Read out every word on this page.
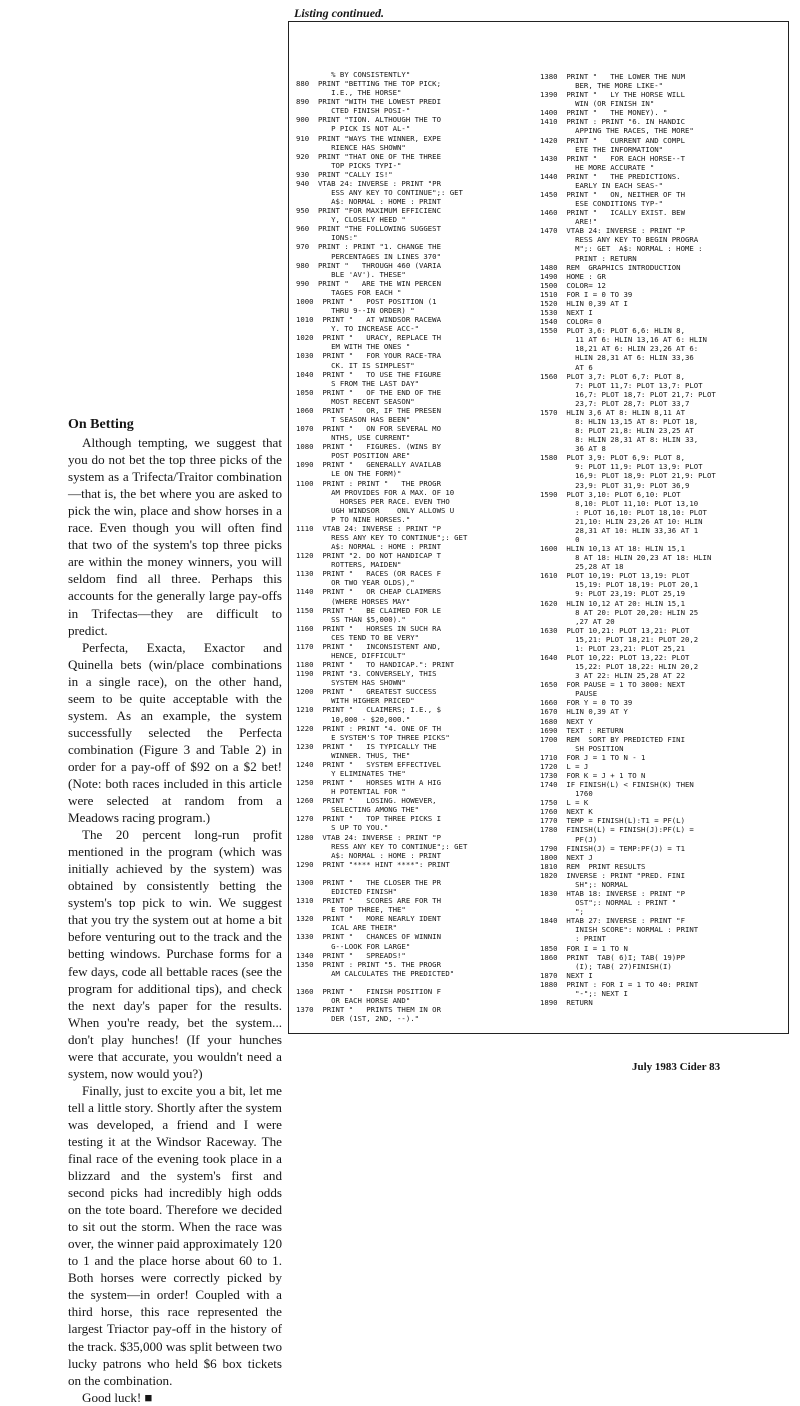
On Betting

Although tempting, we suggest that you do not bet the top three picks of the system as a Trifecta/Traitor combination—that is, the bet where you are asked to pick the win, place and show horses in a race. Even though you will often find that two of the system's top three picks are within the money winners, you will seldom find all three. Perhaps this accounts for the generally large pay-offs in Trifectas—they are difficult to predict.

Perfecta, Exacta, Exactor and Quinella bets (win/place combinations in a single race), on the other hand, seem to be quite acceptable with the system. As an example, the system successfully selected the Perfecta combination (Figure 3 and Table 2) in order for a pay-off of $92 on a $2 bet! (Note: both races included in this article were selected at random from a Meadows racing program.)

The 20 percent long-run profit mentioned in the program (which was initially achieved by the system) was obtained by consistently betting the system's top pick to win. We suggest that you try the system out at home a bit before venturing out to the track and the betting windows. Purchase forms for a few days, code all bettable races (see the program for additional tips), and check the next day's paper for the results. When you're ready, bet the system... don't play hunches! (If your hunches were that accurate, you wouldn't need a system, now would you?)

Finally, just to excite you a bit, let me tell a little story. Shortly after the system was developed, a friend and I were testing it at the Windsor Raceway. The final race of the evening took place in a blizzard and the system's first and second picks had incredibly high odds on the tote board. Therefore we decided to sit out the storm. When the race was over, the winner paid approximately 120 to 1 and the place horse about 60 to 1. Both horses were correctly picked by the system—in order! Coupled with a third horse, this race represented the largest Triactor pay-off in the history of the track. $35,000 was split between two lucky patrons who held $6 box tickets on the combination.

Good luck! ■

Listing continued.
% BY CONSISTENTLY"
880  PRINT "BETTING THE TOP PICK;
I.E., THE HORSE"
890  PRINT "WITH THE LOWEST PREDI
CTED FINISH POSI-"
900  PRINT "TION. ALTHOUGH THE TO
P PICK IS NOT AL-"
910  PRINT "WAYS THE WINNER, EXPE
RIENCE HAS SHOWN"
920  PRINT "THAT ONE OF THE THREE
TOP PICKS TYPI-"
930  PRINT "CALLY IS!"
940  VTAB 24: INVERSE : PRINT "PR
ESS ANY KEY TO CONTINUE";: GET
A$: NORMAL : HOME : PRINT
950  PRINT "FOR MAXIMUM EFFICIENC
Y, CLOSELY HEED "
960  PRINT "THE FOLLOWING SUGGEST
IONS:"
970  PRINT : PRINT "1. CHANGE THE
PERCENTAGES IN LINES 370"
980  PRINT "   THROUGH 460 (VARIA
BLE 'AV'). THESE"
990  PRINT "   ARE THE WIN PERCEN
TAGES FOR EACH "
1000  PRINT "   POST POSITION (1
THRU 9--IN ORDER) "
1010  PRINT "   AT WINDSOR RACEWA
Y. TO INCREASE ACC-"
1020  PRINT "   URACY, REPLACE TH
EM WITH THE ONES "
1030  PRINT "   FOR YOUR RACE-TRA
CK. IT IS SIMPLEST"
1040  PRINT "   TO USE THE FIGURE
S FROM THE LAST DAY"
1050  PRINT "   OF THE END OF THE
MOST RECENT SEASON"
1060  PRINT "   OR, IF THE PRESEN
T SEASON HAS BEEN"
1070  PRINT "   ON FOR SEVERAL MO
NTHS, USE CURRENT"
1080  PRINT "   FIGURES. (WINS BY
POST POSITION ARE"
1090  PRINT "   GENERALLY AVAILAB
LE ON THE FORM)"
1100  PRINT : PRINT "   THE PROGR
AM PROVIDES FOR A MAX. OF 10
HORSES PER RACE. EVEN THO
UGH WINDSOR    ONLY ALLOWS U
P TO NINE HORSES."
1110  VTAB 24: INVERSE : PRINT "P
RESS ANY KEY TO CONTINUE";: GET
A$: NORMAL : HOME : PRINT
1120  PRINT "2. DO NOT HANDICAP T
ROTTERS, MAIDEN"
1130  PRINT "   RACES (OR RACES F
OR TWO YEAR OLDS),"
1140  PRINT "   OR CHEAP CLAIMERS
(WHERE HORSES MAY"
1150  PRINT "   BE CLAIMED FOR LE
SS THAN $5,000)."
1160  PRINT "   HORSES IN SUCH RA
CES TEND TO BE VERY"
1170  PRINT "   INCONSISTENT AND,
HENCE, DIFFICULT"
1180  PRINT "   TO HANDICAP.": PRINT
1190  PRINT "3. CONVERSELY, THIS
SYSTEM HAS SHOWN"
1200  PRINT "   GREATEST SUCCESS
WITH HIGHER PRICED"
1210  PRINT "   CLAIMERS; I.E., $
10,000 - $20,000."
1220  PRINT : PRINT "4. ONE OF TH
E SYSTEM'S TOP THREE PICKS"
1230  PRINT "   IS TYPICALLY THE
WINNER. THUS, THE"
1240  PRINT "   SYSTEM EFFECTIVEL
Y ELIMINATES THE"
1250  PRINT "   HORSES WITH A HIG
H POTENTIAL FOR "
1260  PRINT "   LOSING. HOWEVER,
SELECTING AMONG THE"
1270  PRINT "   TOP THREE PICKS I
S UP TO YOU."
1280  VTAB 24: INVERSE : PRINT "P
RESS ANY KEY TO CONTINUE";: GET
A$: NORMAL : HOME : PRINT
1290  PRINT "**** HINT ****": PRINT

1300  PRINT "   THE CLOSER THE PR
EDICTED FINISH"
1310  PRINT "   SCORES ARE FOR TH
E TOP THREE, THE"
1320  PRINT "   MORE NEARLY IDENT
ICAL ARE THEIR"
1330  PRINT "   CHANCES OF WINNIN
G--LOOK FOR LARGE"
1340  PRINT "   SPREADS!"
1350  PRINT : PRINT "5. THE PROGR
AM CALCULATES THE PREDICTED"

1360  PRINT "   FINISH POSITION F
OR EACH HORSE AND"
1370  PRINT "   PRINTS THEM IN OR
DER (1ST, 2ND, --)."
1380  PRINT "   THE LOWER THE NUM
BER, THE MORE LIKE-"
1390  PRINT "   LY THE HORSE WILL
WIN (OR FINISH IN"
1400  PRINT "   THE MONEY). "
1410  PRINT : PRINT "6. IN HANDIC
APPING THE RACES, THE MORE"
1420  PRINT "   CURRENT AND COMPL
ETE THE INFORMATION"
1430  PRINT "   FOR EACH HORSE--T
HE MORE ACCURATE "
1440  PRINT "   THE PREDICTIONS.
EARLY IN EACH SEAS-"
1450  PRINT "   ON, NEITHER OF TH
ESE CONDITIONS TYP-"
1460  PRINT "   ICALLY EXIST. BEW
ARE!"
1470  VTAB 24: INVERSE : PRINT "P
RESS ANY KEY TO BEGIN PROGRA
M";: GET  A$: NORMAL : HOME :
PRINT : RETURN
1480  REM  GRAPHICS INTRODUCTION
1490  HOME : GR
1500  COLOR= 12
1510  FOR I = 0 TO 39
1520  HLIN 0,39 AT I
1530  NEXT I
1540  COLOR= 0
1550  PLOT 3,6: PLOT 6,6: HLIN 8,
11 AT 6: HLIN 13,16 AT 6: HLIN
18,21 AT 6: HLIN 23,26 AT 6:
HLIN 28,31 AT 6: HLIN 33,36
AT 6
1560  PLOT 3,7: PLOT 6,7: PLOT 8,
7: PLOT 11,7: PLOT 13,7: PLOT
16,7: PLOT 18,7: PLOT 21,7: PLOT
23,7: PLOT 28,7: PLOT 33,7
1570  HLIN 3,6 AT 8: HLIN 8,11 AT
8: HLIN 13,15 AT 8: PLOT 18,
8: PLOT 21,8: HLIN 23,25 AT
8: HLIN 28,31 AT 8: HLIN 33,
36 AT 8
1580  PLOT 3,9: PLOT 6,9: PLOT 8,
9: PLOT 11,9: PLOT 13,9: PLOT
16,9: PLOT 18,9: PLOT 21,9: PLOT
23,9: PLOT 31,9: PLOT 36,9
1590  PLOT 3,10: PLOT 6,10: PLOT
8,10: PLOT 11,10: PLOT 13,10
: PLOT 16,10: PLOT 18,10: PLOT
21,10: HLIN 23,26 AT 10: HLIN
28,31 AT 10: HLIN 33,36 AT 1
0
1600  HLIN 10,13 AT 18: HLIN 15,1
8 AT 18: HLIN 20,23 AT 18: HLIN
25,28 AT 18
1610  PLOT 10,19: PLOT 13,19: PLOT
15,19: PLOT 18,19: PLOT 20,1
9: PLOT 23,19: PLOT 25,19
1620  HLIN 10,12 AT 20: HLIN 15,1
8 AT 20: PLOT 20,20: HLIN 25
,27 AT 20
1630  PLOT 10,21: PLOT 13,21: PLOT
15,21: PLOT 18,21: PLOT 20,2
1: PLOT 23,21: PLOT 25,21
1640  PLOT 10,22: PLOT 13,22: PLOT
15,22: PLOT 18,22: HLIN 20,2
3 AT 22: HLIN 25,28 AT 22
1650  FOR PAUSE = 1 TO 3000: NEXT
PAUSE
1660  FOR Y = 0 TO 39
1670  HLIN 0,39 AT Y
1680  NEXT Y
1690  TEXT : RETURN
1700  REM  SORT BY PREDICTED FINI
SH POSITION
1710  FOR J = 1 TO N - 1
1720  L = J
1730  FOR K = J + 1 TO N
1740  IF FINISH(L) < FINISH(K) THEN
1760
1750  L = K
1760  NEXT K
1770  TEMP = FINISH(L):T1 = PF(L)
1780  FINISH(L) = FINISH(J):PF(L) =
PF(J)
1790  FINISH(J) = TEMP:PF(J) = T1
1800  NEXT J
1810  REM  PRINT RESULTS
1820  INVERSE : PRINT "PRED. FINI
SH";: NORMAL
1830  HTAB 18: INVERSE : PRINT "P
OST";: NORMAL : PRINT "
";
1840  HTAB 27: INVERSE : PRINT "F
INISH SCORE": NORMAL : PRINT
: PRINT
1850  FOR I = 1 TO N
1860  PRINT  TAB( 6)I; TAB( 19)PP
(I); TAB( 27)FINISH(I)
1870  NEXT I
1880  PRINT : FOR I = 1 TO 40: PRINT
"-";: NEXT I
1890  RETURN
July 1983 Cider 83
